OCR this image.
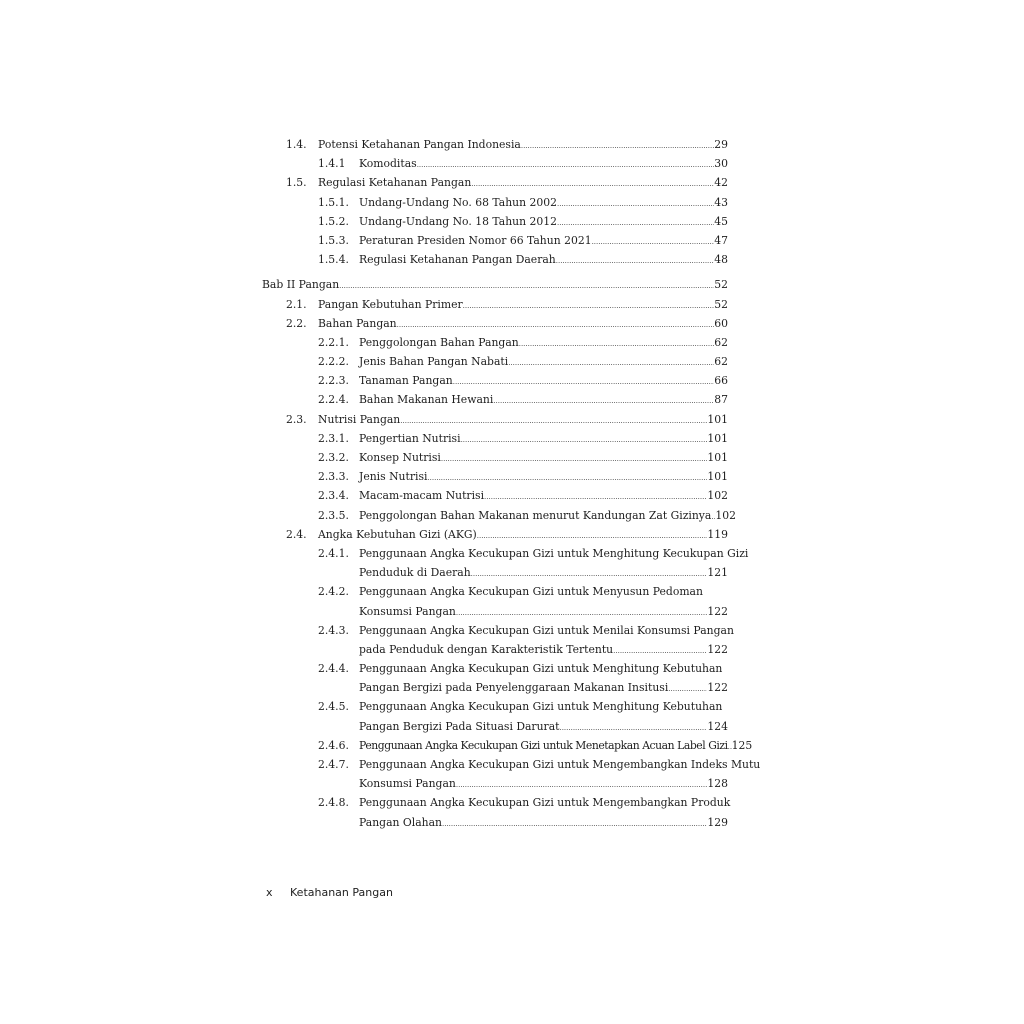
1.4. Potensi Ketahanan Pangan Indonesia .....	29
1.4.1 Komoditas .....	30
1.5. Regulasi Ketahanan Pangan .....	42
1.5.1. Undang-Undang No. 68 Tahun 2002 .....	43
1.5.2. Undang-Undang No. 18 Tahun 2012 .....	45
1.5.3. Peraturan Presiden Nomor 66 Tahun 2021 .....	47
1.5.4. Regulasi Ketahanan Pangan Daerah .....	48
Bab II Pangan .....	52
2.1. Pangan Kebutuhan Primer .....	52
2.2. Bahan Pangan .....	60
2.2.1. Penggolongan Bahan Pangan .....	62
2.2.2. Jenis Bahan Pangan Nabati .....	62
2.2.3. Tanaman Pangan .....	66
2.2.4. Bahan Makanan Hewani .....	87
2.3. Nutrisi Pangan .....	101
2.3.1. Pengertian Nutrisi .....	101
2.3.2. Konsep Nutrisi .....	101
2.3.3. Jenis Nutrisi .....	101
2.3.4. Macam-macam Nutrisi .....	102
2.3.5. Penggolongan Bahan Makanan menurut Kandungan Zat Gizinya ..... 102
2.4. Angka Kebutuhan Gizi (AKG) .....	119
2.4.1. Penggunaan Angka Kecukupan Gizi untuk Menghitung Kecukupan Gizi
Penduduk di Daerah .....	121
2.4.2. Penggunaan Angka Kecukupan Gizi untuk Menyusun Pedoman
Konsumsi Pangan .....	122
2.4.3. Penggunaan Angka Kecukupan Gizi untuk Menilai Konsumsi Pangan
pada Penduduk dengan Karakteristik Tertentu .....	122
2.4.4. Penggunaan Angka Kecukupan Gizi untuk Menghitung Kebutuhan
Pangan Bergizi pada Penyelenggaraan Makanan Insitusi .....	122
2.4.5. Penggunaan Angka Kecukupan Gizi untuk Menghitung Kebutuhan
Pangan Bergizi Pada Situasi Darurat .....	124
2.4.6. Penggunaan Angka Kecukupan Gizi untuk Menetapkan Acuan Label Gizi ..... 125
2.4.7. Penggunaan Angka Kecukupan Gizi untuk Mengembangkan Indeks Mutu
Konsumsi Pangan .....	128
2.4.8. Penggunaan Angka Kecukupan Gizi untuk Mengembangkan Produk
Pangan Olahan .....	129
x Ketahanan Pangan
